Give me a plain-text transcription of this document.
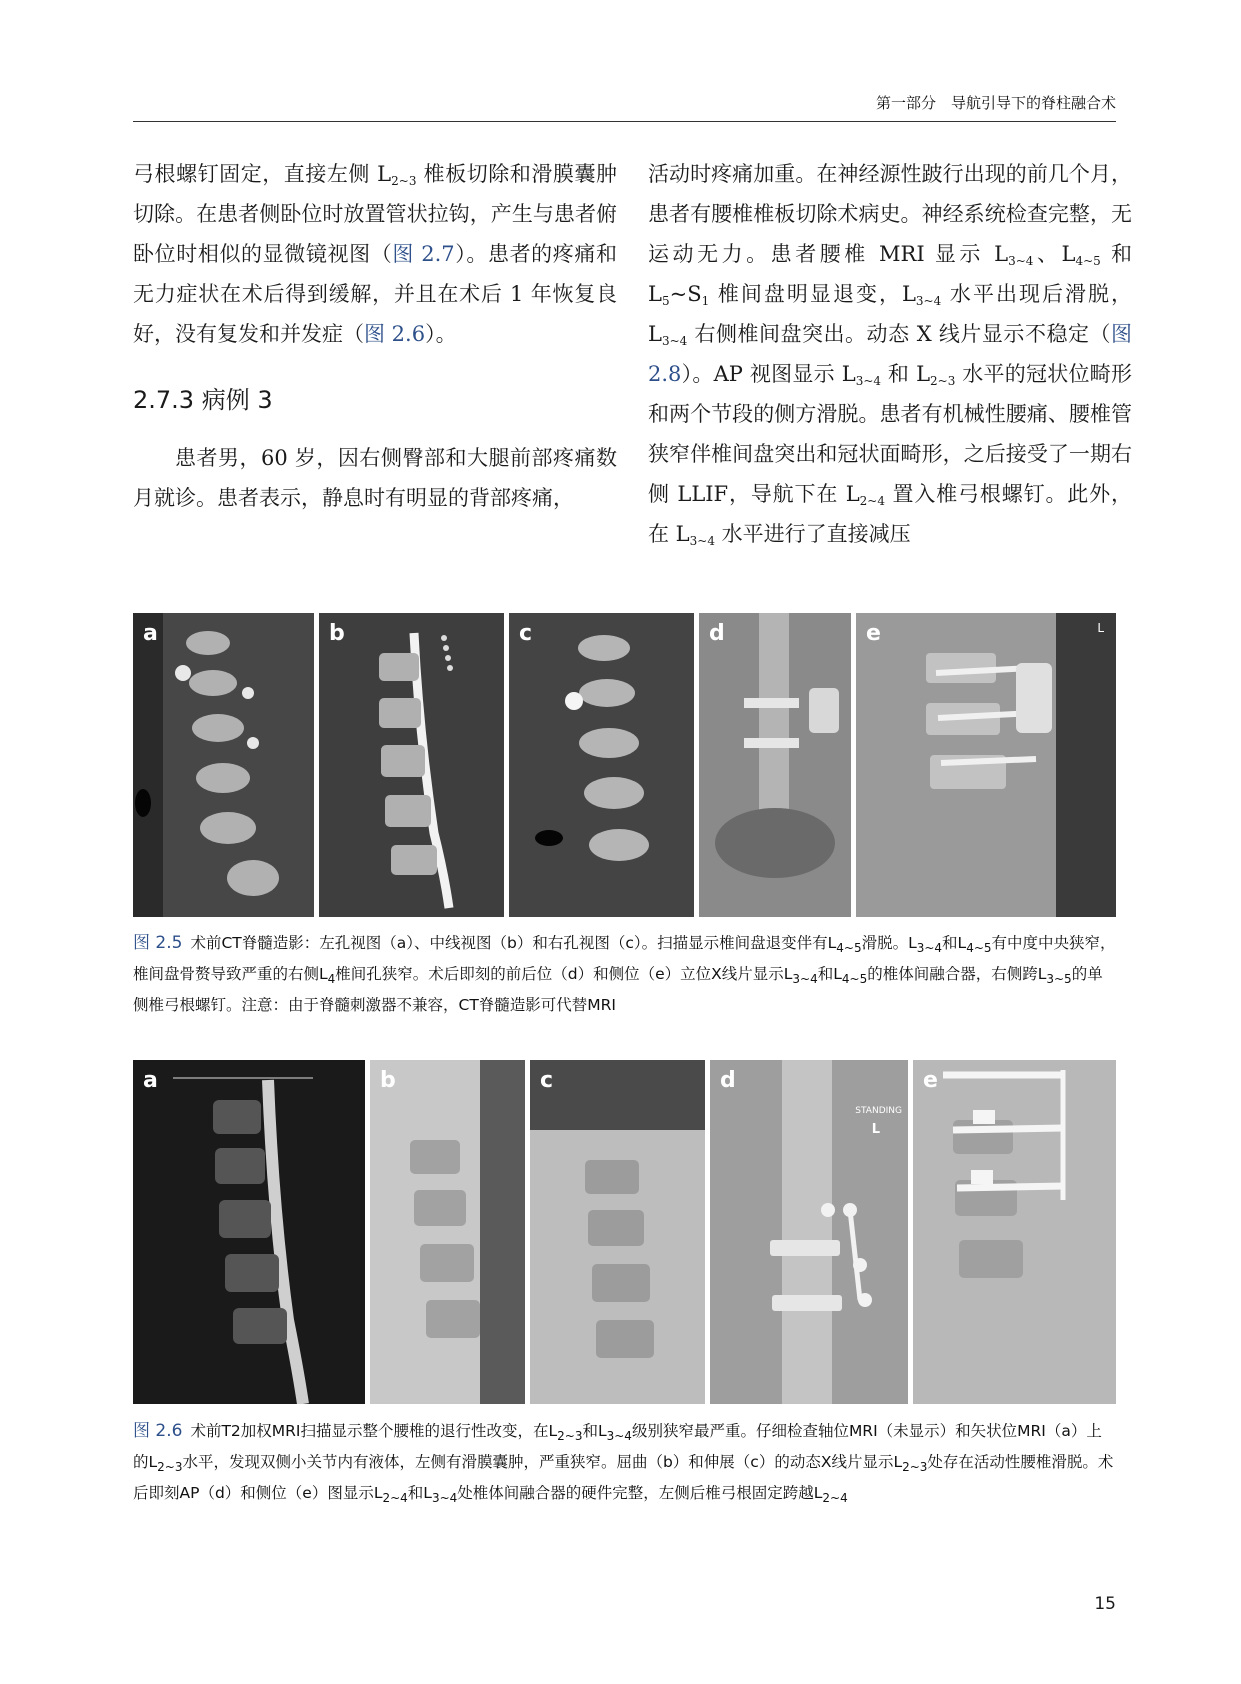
第一部分　导航引导下的脊柱融合术

弓根螺钉固定，直接左侧 $L_{2\sim 3}$ 椎板切除和滑膜囊肿切除。在患者侧卧位时放置管状拉钩，产生与患者俯卧位时相似的显微镜视图（图 2.7）。患者的疼痛和无力症状在术后得到缓解，并且在术后 1 年恢复良好，没有复发和并发症（图 2.6）。

2.7.3 病例 3

患者男，60 岁，因右侧臀部和大腿前部疼痛数月就诊。患者表示，静息时有明显的背部疼痛，

活动时疼痛加重。在神经源性跛行出现的前几个月，患者有腰椎椎板切除术病史。神经系统检查完整，无运动无力。患者腰椎 MRI 显示 $L_{3\sim 4}$、$L_{4\sim 5}$ 和 $L_5\sim S_1$ 椎间盘明显退变，$L_{3\sim 4}$ 水平出现后滑脱，$L_{3\sim 4}$ 右侧椎间盘突出。动态 X 线片显示不稳定（图 2.8）。AP 视图显示 $L_{3\sim 4}$ 和 $L_{2\sim 3}$ 水平的冠状位畸形和两个节段的侧方滑脱。患者有机械性腰痛、腰椎管狭窄伴椎间盘突出和冠状面畸形，之后接受了一期右侧 LLIF，导航下在 $L_{2\sim 4}$ 置入椎弓根螺钉。此外，在 $L_{3\sim 4}$ 水平进行了直接减压

a	b	c	d	e	L
图 2.5 术前CT脊髓造影：左孔视图（a）、中线视图（b）和右孔视图（c）。扫描显示椎间盘退变伴有$L_{4\sim 5}$滑脱。$L_{3\sim 4}$和$L_{4\sim 5}$有中度中央狭窄，椎间盘骨赘导致严重的右侧$L_4$椎间孔狭窄。术后即刻的前后位（d）和侧位（e）立位X线片显示$L_{3\sim 4}$和$L_{4\sim 5}$的椎体间融合器，右侧跨$L_{3\sim 5}$的单侧椎弓根螺钉。注意：由于脊髓刺激器不兼容，CT脊髓造影可代替MRI
a	b	c	d
STANDING
L
e
图 2.6 术前T2加权MRI扫描显示整个腰椎的退行性改变，在$L_{2\sim 3}$和$L_{3\sim 4}$级别狭窄最严重。仔细检查轴位MRI（未显示）和矢状位MRI（a）上的$L_{2\sim 3}$水平，发现双侧小关节内有液体，左侧有滑膜囊肿，严重狭窄。屈曲（b）和伸展（c）的动态X线片显示$L_{2\sim 3}$处存在活动性腰椎滑脱。术后即刻AP（d）和侧位（e）图显示$L_{2\sim 4}$和$L_{3\sim 4}$处椎体间融合器的硬件完整，左侧后椎弓根固定跨越$L_{2\sim 4}$
15
